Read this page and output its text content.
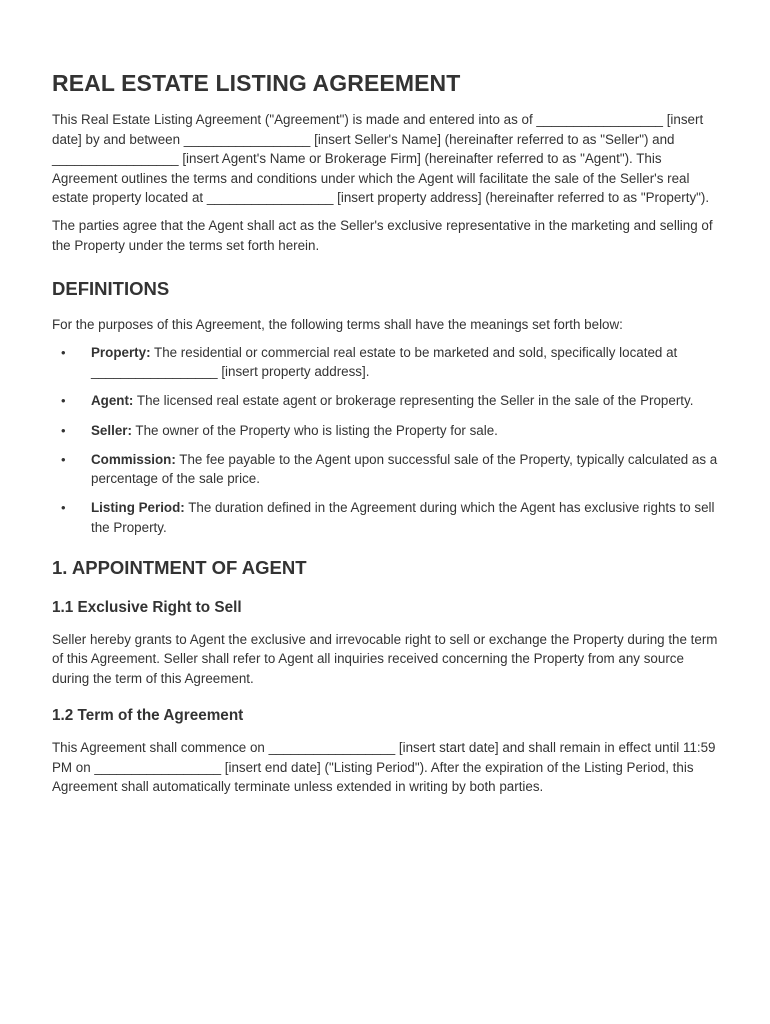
REAL ESTATE LISTING AGREEMENT

This Real Estate Listing Agreement ("Agreement") is made and entered into as of _________________ [insert date] by and between _________________ [insert Seller's Name] (hereinafter referred to as "Seller") and _________________ [insert Agent's Name or Brokerage Firm] (hereinafter referred to as "Agent"). This Agreement outlines the terms and conditions under which the Agent will facilitate the sale of the Seller's real estate property located at _________________ [insert property address] (hereinafter referred to as "Property").

The parties agree that the Agent shall act as the Seller's exclusive representative in the marketing and selling of the Property under the terms set forth herein.

DEFINITIONS

For the purposes of this Agreement, the following terms shall have the meanings set forth below:

• Property: The residential or commercial real estate to be marketed and sold, specifically located at _________________ [insert property address].
• Agent: The licensed real estate agent or brokerage representing the Seller in the sale of the Property.
• Seller: The owner of the Property who is listing the Property for sale.
• Commission: The fee payable to the Agent upon successful sale of the Property, typically calculated as a percentage of the sale price.
• Listing Period: The duration defined in the Agreement during which the Agent has exclusive rights to sell the Property.
1. APPOINTMENT OF AGENT
1.1 Exclusive Right to Sell

Seller hereby grants to Agent the exclusive and irrevocable right to sell or exchange the Property during the term of this Agreement. Seller shall refer to Agent all inquiries received concerning the Property from any source during the term of this Agreement.

1.2 Term of the Agreement

This Agreement shall commence on _________________ [insert start date] and shall remain in effect until 11:59 PM on _________________ [insert end date] ("Listing Period"). After the expiration of the Listing Period, this Agreement shall automatically terminate unless extended in writing by both parties.
